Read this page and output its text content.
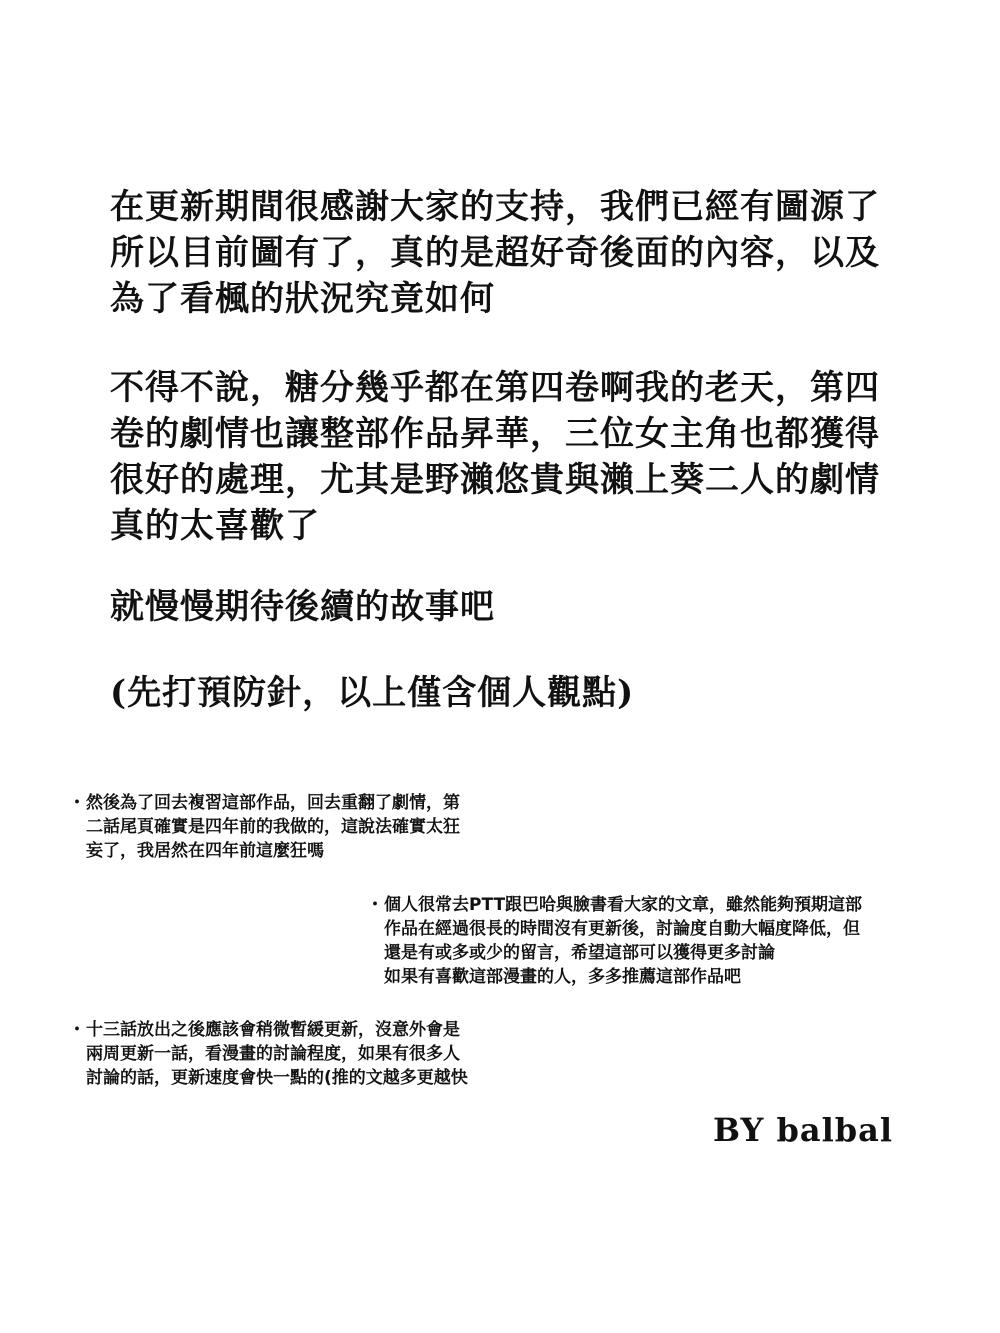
在更新期間很感謝大家的支持，我們已經有圖源了
所以目前圖有了，真的是超好奇後面的內容，以及
為了看楓的狀況究竟如何

不得不說，糖分幾乎都在第四卷啊我的老天，第四
卷的劇情也讓整部作品昇華，三位女主角也都獲得
很好的處理，尤其是野瀨悠貴與瀨上葵二人的劇情
真的太喜歡了

就慢慢期待後續的故事吧

(先打預防針，以上僅含個人觀點)

・然後為了回去複習這部作品，回去重翻了劇情，第
二話尾頁確實是四年前的我做的，這說法確實太狂
妄了，我居然在四年前這麼狂嗎
・個人很常去PTT跟巴哈與臉書看大家的文章，雖然能夠預期這部
作品在經過很長的時間沒有更新後，討論度自動大幅度降低，但
還是有或多或少的留言，希望這部可以獲得更多討論
如果有喜歡這部漫畫的人，多多推薦這部作品吧
・十三話放出之後應該會稍微暫緩更新，沒意外會是
兩周更新一話，看漫畫的討論程度，如果有很多人
討論的話，更新速度會快一點的(推的文越多更越快

BY balbal
